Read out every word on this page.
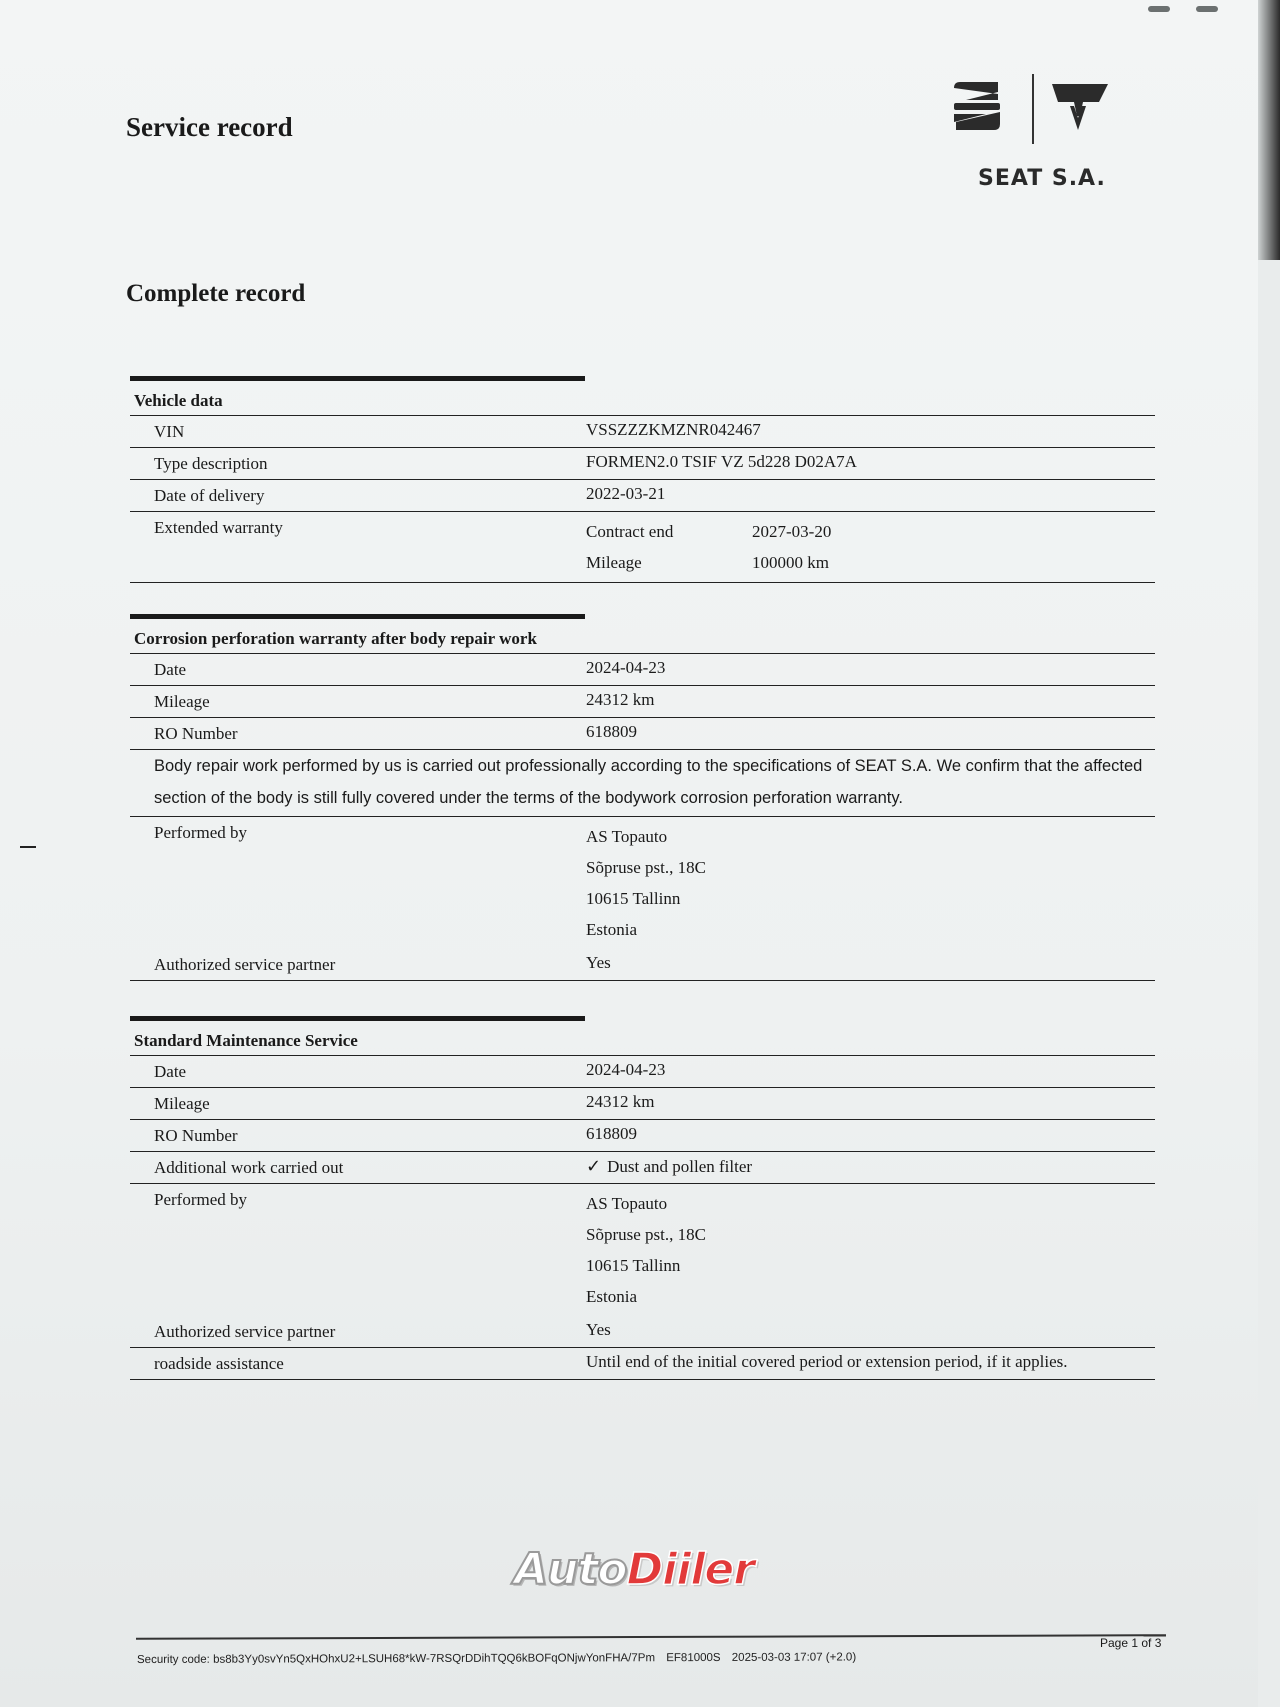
Service record
SEAT S.A.
Complete record
Vehicle data
VIN	VSSZZZKMZNR042467
Type description	FORMEN2.0 TSIF VZ 5d228 D02A7A
Date of delivery	2022-03-21
Extended warranty	Contract end	2027-03-20
Mileage	100000 km
Corrosion perforation warranty after body repair work
Date	2024-04-23
Mileage	24312 km
RO Number	618809
Body repair work performed by us is carried out professionally according to the specifications of SEAT S.A. We confirm that the affected section of the body is still fully covered under the terms of the bodywork corrosion perforation warranty.
Performed by	AS Topauto
Sõpruse pst., 18C
10615 Tallinn
Estonia
Authorized service partner	Yes
Standard Maintenance Service
Date	2024-04-23
Mileage	24312 km
RO Number	618809
Additional work carried out	✓ Dust and pollen filter
Performed by	AS Topauto
Sõpruse pst., 18C
10615 Tallinn
Estonia
Authorized service partner	Yes
roadside assistance	Until end of the initial covered period or extension period, if it applies.
AutoDiiler
Security code: bs8b3Yy0svYn5QxHOhxU2+LSUH68*kW-7RSQrDDihTQQ6kBOFqONjwYonFHA/7Pm EF81000S 2025-03-03 17:07 (+2.0)
Page 1 of 3
